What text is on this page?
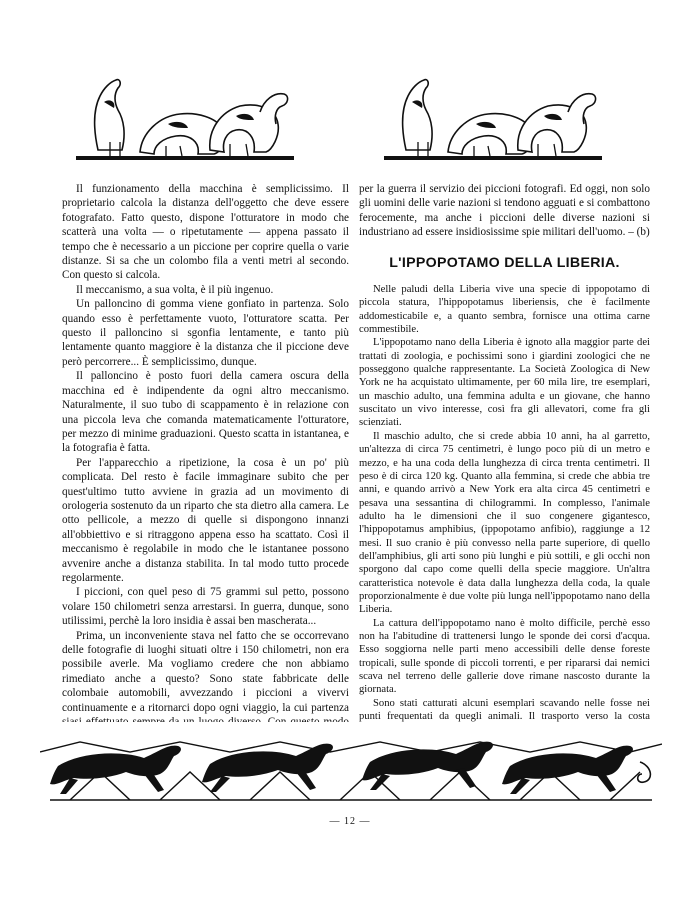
Il funzionamento della macchina è semplicissimo. Il proprietario calcola la distanza dell'oggetto che deve essere fotografato. Fatto questo, dispone l'otturatore in modo che scatterà una volta — o ripetutamente — appena passato il tempo che è necessario a un piccione per coprire quella o varie distanze. Si sa che un colombo fila a venti metri al secondo. Con questo si calcola.

Il meccanismo, a sua volta, è il più ingenuo.

Un palloncino di gomma viene gonfiato in partenza. Solo quando esso è perfettamente vuoto, l'otturatore scatta. Per questo il palloncino si sgonfia lentamente, e tanto più lentamente quanto maggiore è la distanza che il piccione deve però percorrere... È semplicissimo, dunque.

Il palloncino è posto fuori della camera oscura della macchina ed è indipendente da ogni altro meccanismo. Naturalmente, il suo tubo di scappamento è in relazione con una piccola leva che comanda matematicamente l'otturatore, per mezzo di minime graduazioni. Questo scatta in istantanea, e la fotografia è fatta.

Per l'apparecchio a ripetizione, la cosa è un po' più complicata. Del resto è facile immaginare subito che per quest'ultimo tutto avviene in grazia ad un movimento di orologeria sostenuto da un riparto che sta dietro alla camera. Le otto pellicole, a mezzo di quelle si dispongono innanzi all'obbiettivo e si ritraggono appena esso ha scattato. Così il meccanismo è regolabile in modo che le istantanee possono avvenire anche a distanza stabilita. In tal modo tutto procede regolarmente.

I piccioni, con quel peso di 75 grammi sul petto, possono volare 150 chilometri senza arrestarsi. In guerra, dunque, sono utilissimi, perchè la loro insidia è assai ben mascherata...

Prima, un inconveniente stava nel fatto che se occorrevano delle fotografie di luoghi situati oltre i 150 chilometri, non era possibile averle. Ma vogliamo credere che non abbiamo rimediato anche a questo? Sono state fabbricate delle colombaie automobili, avvezzando i piccioni a vivervi continuamente e a ritornarci dopo ogni viaggio, la cui partenza

per la guerra il servizio dei piccioni fotografi. Ed oggi, non solo gli uomini delle varie nazioni si tendono agguati e si combattono ferocemente, ma anche i piccioni delle diverse nazioni si industriano ad essere insidiosissime spie militari dell'uomo. – (b)

L'IPPOPOTAMO DELLA LIBERIA.

Nelle paludi della Liberia vive una specie di ippopotamo di piccola statura, l'hippopotamus liberiensis, che è facilmente addomesticabile e, a quanto sembra, fornisce una ottima carne commestibile.

L'ippopotamo nano della Liberia è ignoto alla maggior parte dei trattati di zoologia, e pochissimi sono i giardini zoologici che ne posseggono qualche rappresentante. La Società Zoologica di New York ne ha acquistato ultimamente, per 60 mila lire, tre esemplari, un maschio adulto, una femmina adulta e un giovane, che hanno suscitato un vivo interesse, così fra gli allevatori, come fra gli scienziati.

Il maschio adulto, che si crede abbia 10 anni, ha al garretto, un'altezza di circa 75 centimetri, è lungo poco più di un metro e mezzo, e ha una coda della lunghezza di circa trenta centimetri. Il peso è di circa 120 kg. Quanto alla femmina, si crede che abbia tre anni, e quando arrivò a New York era alta circa 45 centimetri e pesava una sessantina di chilogrammi. In complesso, l'animale adulto ha le dimensioni che il suo congenere gigantesco, l'hippopotamus amphibius, (ippopotamo anfibio), raggiunge a 12 mesi. Il suo cranio è più convesso nella parte superiore, di quello dell'amphibius, gli arti sono più lunghi e più sottili, e gli occhi non sporgono dal capo come quelli della specie maggiore. Un'altra caratteristica notevole è data dalla lunghezza della coda, la quale proporzionalmente è due volte più lunga nell'ippopotamo nano della Liberia.

La cattura dell'ippopotamo nano è molto difficile, perchè esso non ha l'abitudine di trattenersi lungo le sponde dei corsi d'acqua. Esso soggiorna nelle parti meno accessibili delle dense foreste tropicali, sulle sponde di piccoli torrenti, e per ripararsi dai nemici scava nel terreno delle gallerie dove rimane nascosto durante la giornata.

Sono stati catturati alcuni esemplari scavando nelle fosse nei punti frequentati da quegli animali. Il trasporto verso la costa

— 12 —
